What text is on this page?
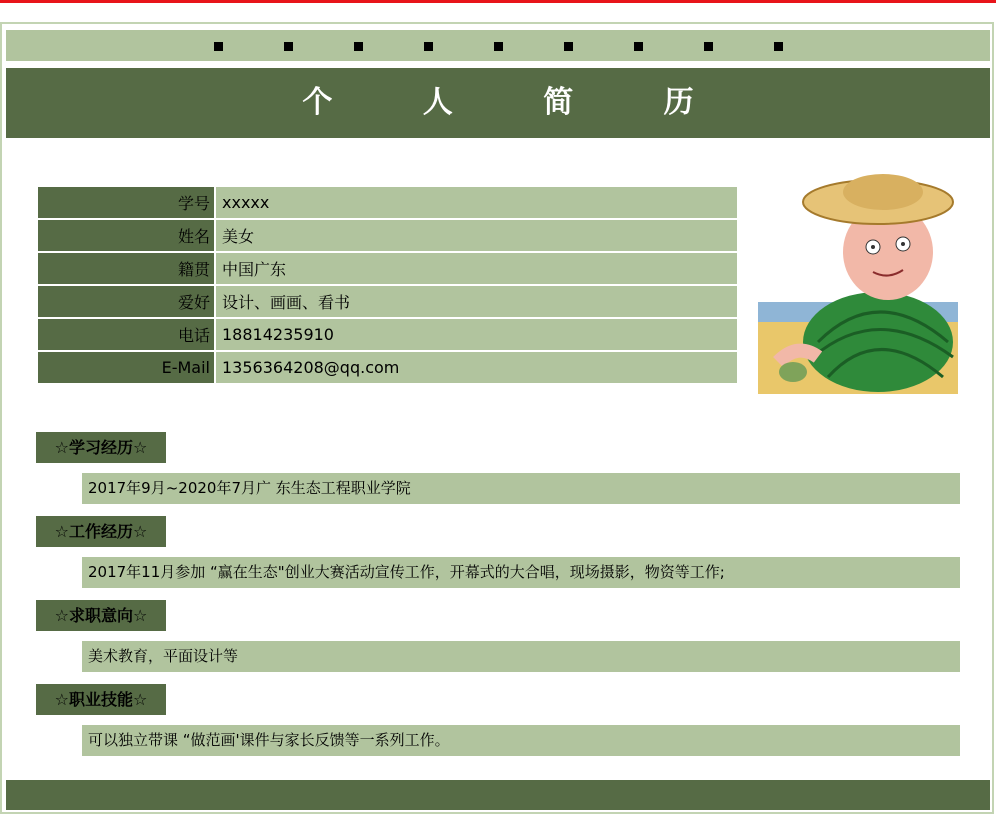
个 人 简 历
学号	xxxxx
姓名	美女
籍贯	中国广东
爱好	设计、画画、看书
电话	18814235910
E-Mail	1356364208@qq.com
☆学习经历☆
2017年9月~2020年7月广 东生态工程职业学院
☆工作经历☆
2017年11月参加 “赢在生态"创业大赛活动宣传工作，开幕式的大合唱，现场摄影，物资等工作;
☆求职意向☆
美术教育，平面设计等
☆职业技能☆
可以独立带课 “做范画'课件与家长反馈等一系列工作。
